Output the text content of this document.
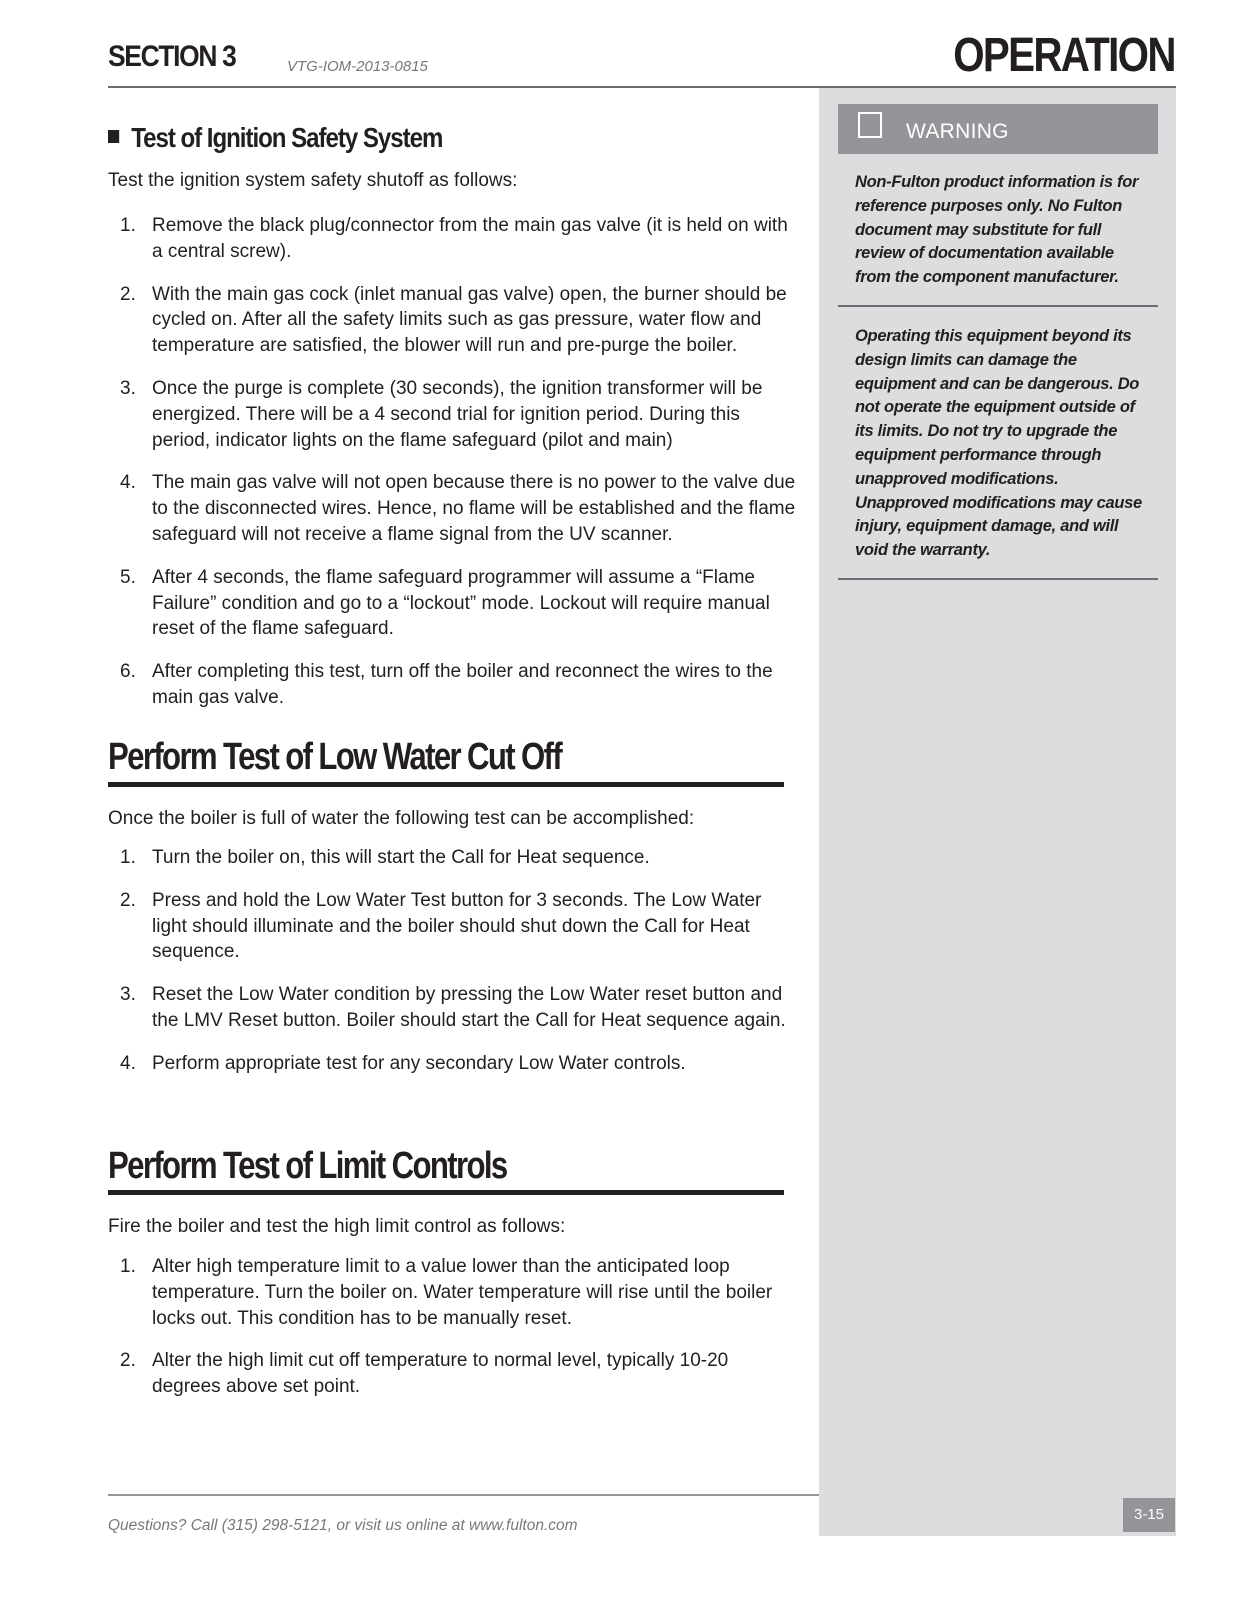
SECTION 3	VTG-IOM-2013-0815	OPERATION
WARNING
Non-Fulton product information is for reference purposes only. No Fulton document may substitute for full review of documentation available from the component manufacturer.
Operating this equipment beyond its design limits can damage the equipment and can be dangerous. Do not operate the equipment outside of its limits. Do not try to upgrade the equipment performance through unapproved modifications. Unapproved modifications may cause injury, equipment damage, and will void the warranty.
Test of Ignition Safety System
Test the ignition system safety shutoff as follows:
1. Remove the black plug/connector from the main gas valve (it is held on with a central screw).
2. With the main gas cock (inlet manual gas valve) open, the burner should be cycled on. After all the safety limits such as gas pressure, water flow and temperature are satisfied, the blower will run and pre-purge the boiler.
3. Once the purge is complete (30 seconds), the ignition transformer will be energized. There will be a 4 second trial for ignition period. During this period, indicator lights on the flame safeguard (pilot and main)
4. The main gas valve will not open because there is no power to the valve due to the disconnected wires. Hence, no flame will be established and the flame safeguard will not receive a flame signal from the UV scanner.
5. After 4 seconds, the flame safeguard programmer will assume a “Flame Failure” condition and go to a “lockout” mode. Lockout will require manual reset of the flame safeguard.
6. After completing this test, turn off the boiler and reconnect the wires to the main gas valve.
Perform Test of Low Water Cut Off
Once the boiler is full of water the following test can be accomplished:
1. Turn the boiler on, this will start the Call for Heat sequence.
2. Press and hold the Low Water Test button for 3 seconds. The Low Water light should illuminate and the boiler should shut down the Call for Heat sequence.
3. Reset the Low Water condition by pressing the Low Water reset button and the LMV Reset button. Boiler should start the Call for Heat sequence again.
4. Perform appropriate test for any secondary Low Water controls.
Perform Test of Limit Controls
Fire the boiler and test the high limit control as follows:
1. Alter high temperature limit to a value lower than the anticipated loop temperature. Turn the boiler on. Water temperature will rise until the boiler locks out. This condition has to be manually reset.
2. Alter the high limit cut off temperature to normal level, typically 10-20 degrees above set point.
Questions? Call (315) 298-5121, or visit us online at www.fulton.com
3-15
